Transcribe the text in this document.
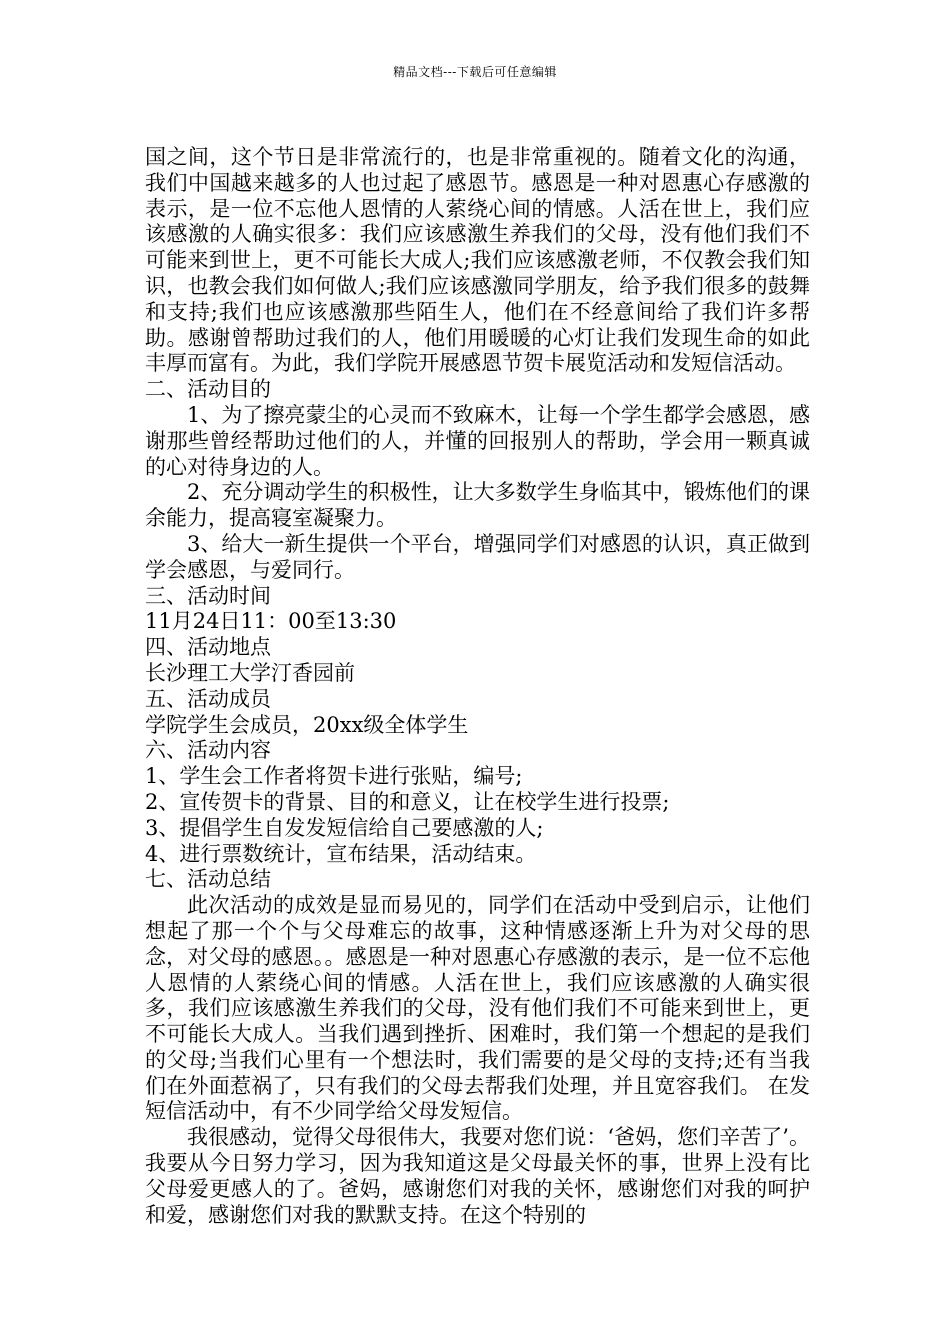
精品文档---下载后可任意编辑

国之间，这个节日是非常流行的，也是非常重视的。随着文化的沟通，我们中国越来越多的人也过起了感恩节。感恩是一种对恩惠心存感激的表示，是一位不忘他人恩情的人萦绕心间的情感。人活在世上，我们应该感激的人确实很多：我们应该感激生养我们的父母，没有他们我们不可能来到世上，更不可能长大成人;我们应该感激老师，不仅教会我们知识，也教会我们如何做人;我们应该感激同学朋友，给予我们很多的鼓舞和支持;我们也应该感激那些陌生人，他们在不经意间给了我们许多帮助。感谢曾帮助过我们的人，他们用暖暖的心灯让我们发现生命的如此丰厚而富有。为此，我们学院开展感恩节贺卡展览活动和发短信活动。

二、活动目的

1、为了擦亮蒙尘的心灵而不致麻木，让每一个学生都学会感恩，感谢那些曾经帮助过他们的人，并懂的回报别人的帮助，学会用一颗真诚的心对待身边的人。

2、充分调动学生的积极性，让大多数学生身临其中，锻炼他们的课余能力，提高寝室凝聚力。

3、给大一新生提供一个平台，增强同学们对感恩的认识，真正做到学会感恩，与爱同行。

三、活动时间

11月24日11：00至13:30

四、活动地点

长沙理工大学汀香园前

五、活动成员

学院学生会成员，20xx级全体学生

六、活动内容

1、学生会工作者将贺卡进行张贴，编号;

2、宣传贺卡的背景、目的和意义，让在校学生进行投票;

3、提倡学生自发发短信给自己要感激的人;

4、进行票数统计，宣布结果，活动结束。

七、活动总结

此次活动的成效是显而易见的，同学们在活动中受到启示，让他们想起了那一个个与父母难忘的故事，这种情感逐渐上升为对父母的思念，对父母的感恩。。感恩是一种对恩惠心存感激的表示，是一位不忘他人恩情的人萦绕心间的情感。人活在世上，我们应该感激的人确实很多，我们应该感激生养我们的父母，没有他们我们不可能来到世上，更不可能长大成人。当我们遇到挫折、困难时，我们第一个想起的是我们的父母;当我们心里有一个想法时，我们需要的是父母的支持;还有当我们在外面惹祸了，只有我们的父母去帮我们处理，并且宽容我们。 在发短信活动中，有不少同学给父母发短信。

我很感动，觉得父母很伟大，我要对您们说：‘爸妈，您们辛苦了’。我要从今日努力学习，因为我知道这是父母最关怀的事，世界上没有比父母爱更感人的了。爸妈，感谢您们对我的关怀，感谢您们对我的呵护和爱，感谢您们对我的默默支持。在这个特别的
